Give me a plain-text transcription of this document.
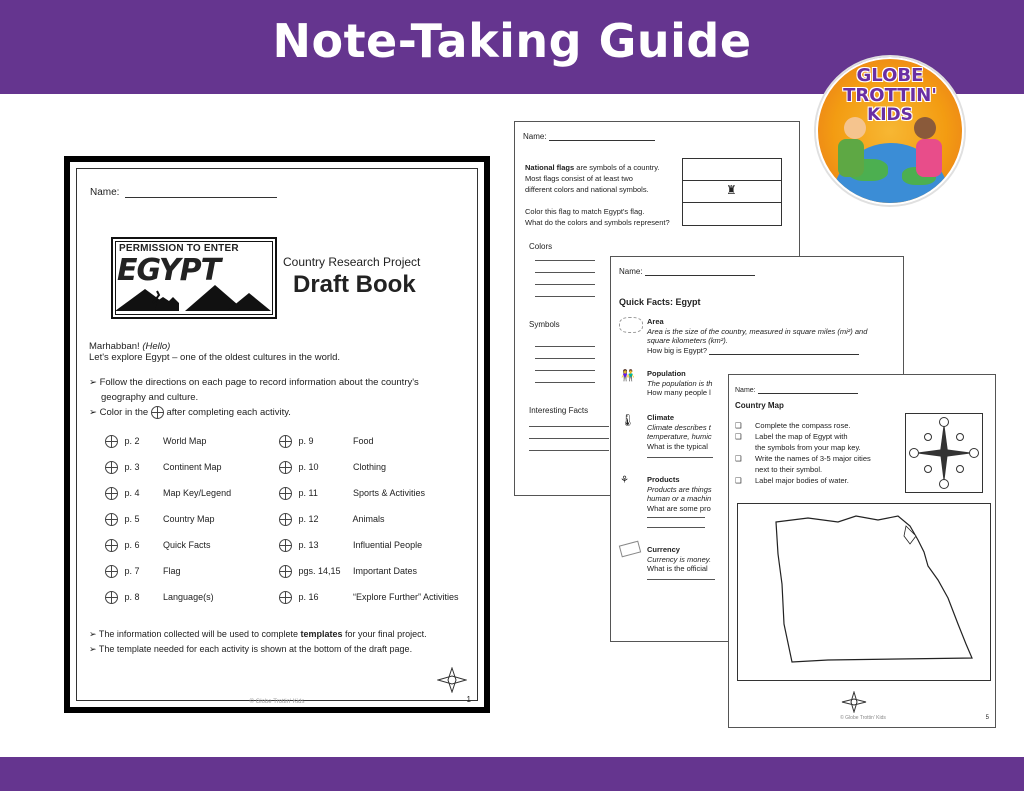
Note-Taking Guide
GLOBE
TROTTIN'
KIDS
Name:
National flags are symbols of a country.
Most flags consist of at least two
different colors and national symbols.

Color this flag to match Egypt's flag.
What do the colors and symbols represent?
♜
Colors
Symbols
Interesting Facts
Name:
Quick Facts: Egypt
Area
Area is the size of the country, measured in square miles (mi²) and
square kilometers (km²).
How big is Egypt?
👫 Population
The population is th
How many people l
🌡 Climate
Climate describes t
temperature, humic
What is the typical
⚘ Products
Products are things
human or a machin
What are some pro
Currency
Currency is money.
What is the official
Name:
Country Map
❑ Complete the compass rose.
❑ Label the map of Egypt with
the symbols from your map key.
❑ Write the names of 3-5 major cities
next to their symbol.
❑ Label major bodies of water.
© Globe Trottin' Kids	5
Name:
PERMISSION TO ENTER
EGYPT	Country Research Project
Draft Book
Marhabban! (Hello)
Let's explore Egypt – one of the oldest cultures in the world.
➢ Follow the directions on each page to record information about the country's
geography and culture.
➢ Color in the after completing each activity.
p. 2	World Map
p. 3	Continent Map
p. 4	Map Key/Legend
p. 5	Country Map
p. 6	Quick Facts
p. 7	Flag
p. 8	Language(s)
p. 9	Food
p. 10	Clothing
p. 11	Sports & Activities
p. 12	Animals
p. 13	Influential People
pgs. 14,15 Important Dates
p. 16	“Explore Further” Activities
➢ The information collected will be used to complete templates for your final project.
➢ The template needed for each activity is shown at the bottom of the draft page.
© Globe Trottin' Kids	1
